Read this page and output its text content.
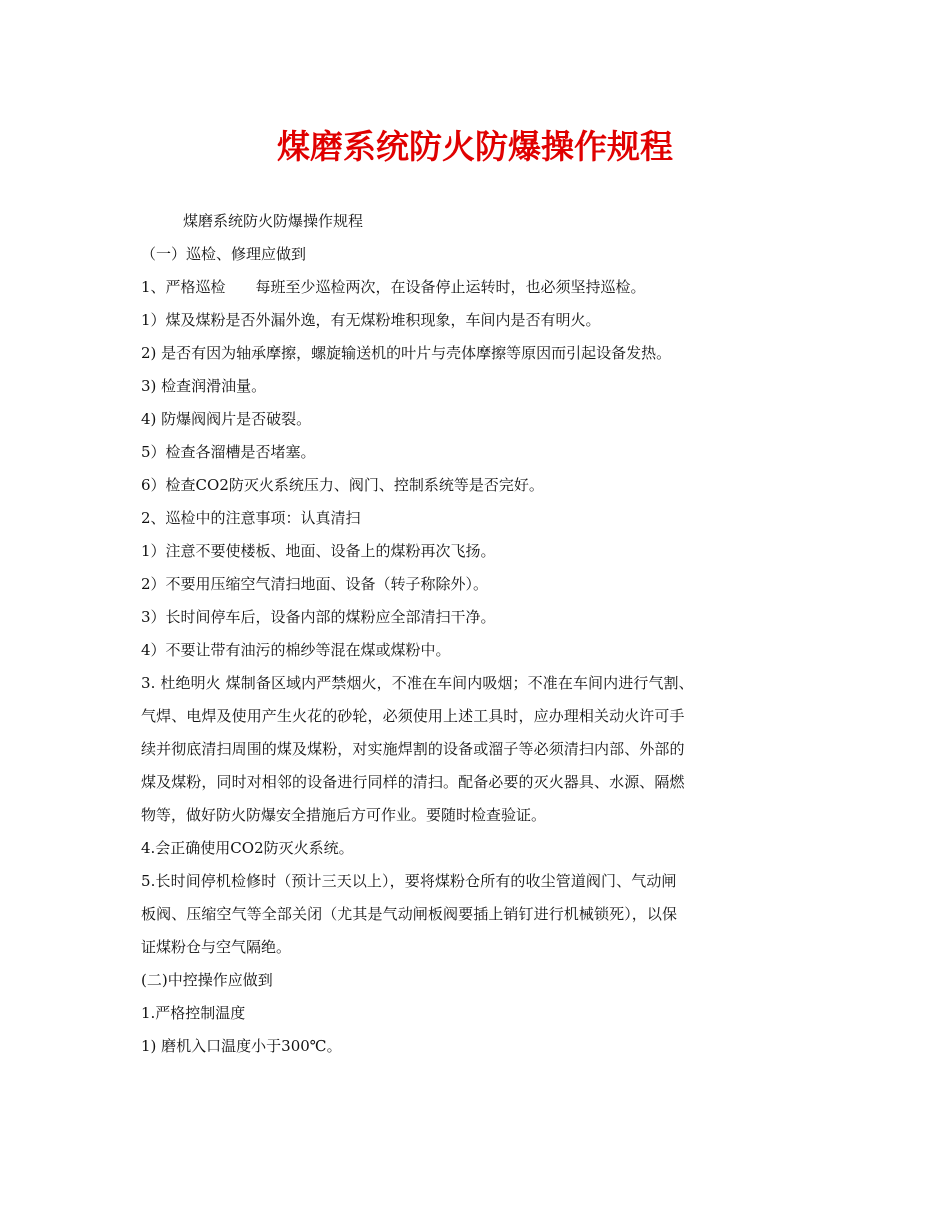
煤磨系统防火防爆操作规程
煤磨系统防火防爆操作规程
（一）巡检、修理应做到
1、严格巡检　　每班至少巡检两次，在设备停止运转时，也必须坚持巡检。
1）煤及煤粉是否外漏外逸，有无煤粉堆积现象，车间内是否有明火。
2) 是否有因为轴承摩擦，螺旋输送机的叶片与壳体摩擦等原因而引起设备发热。
3) 检查润滑油量。
4) 防爆阀阀片是否破裂。
5）检查各溜槽是否堵塞。
6）检查CO2防灭火系统压力、阀门、控制系统等是否完好。
2、巡检中的注意事项：认真清扫
1）注意不要使楼板、地面、设备上的煤粉再次飞扬。
2）不要用压缩空气清扫地面、设备（转子称除外）。
3）长时间停车后，设备内部的煤粉应全部清扫干净。
4）不要让带有油污的棉纱等混在煤或煤粉中。
3. 杜绝明火 煤制备区域内严禁烟火，不准在车间内吸烟；不准在车间内进行气割、
气焊、电焊及使用产生火花的砂轮，必须使用上述工具时，应办理相关动火许可手
续并彻底清扫周围的煤及煤粉，对实施焊割的设备或溜子等必须清扫内部、外部的
煤及煤粉，同时对相邻的设备进行同样的清扫。配备必要的灭火器具、水源、隔燃
物等，做好防火防爆安全措施后方可作业。要随时检查验证。
4.会正确使用CO2防灭火系统。
5.长时间停机检修时（预计三天以上），要将煤粉仓所有的收尘管道阀门、气动闸
板阀、压缩空气等全部关闭（尤其是气动闸板阀要插上销钉进行机械锁死），以保
证煤粉仓与空气隔绝。
(二)中控操作应做到
1.严格控制温度
1) 磨机入口温度小于300℃。
